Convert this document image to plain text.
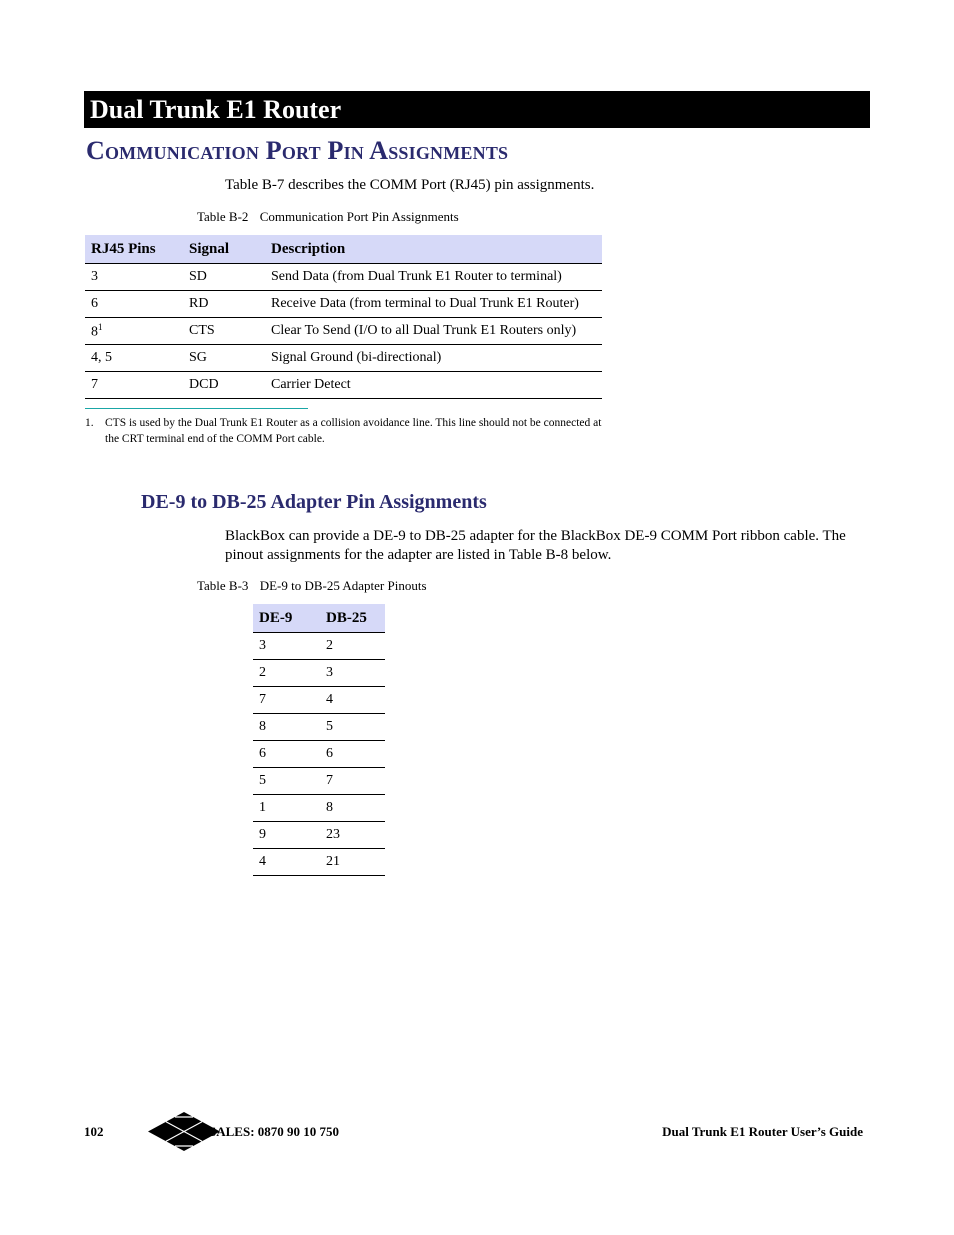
Dual Trunk E1 Router
Communication Port Pin Assignments
Table B-7 describes the COMM Port (RJ45) pin assignments.
Table B-2 Communication Port Pin Assignments
RJ45 Pins	Signal	Description
3	SD	Send Data (from Dual Trunk E1 Router to terminal)
6	RD	Receive Data (from terminal to Dual Trunk E1 Router)
$8^1$	CTS	Clear To Send (I/O to all Dual Trunk E1 Routers only)
4, 5	SG	Signal Ground (bi-directional)
7	DCD	Carrier Detect
1. CTS is used by the Dual Trunk E1 Router as a collision avoidance line. This line should not be connected at the CRT terminal end of the COMM Port cable.
DE-9 to DB-25 Adapter Pin Assignments
BlackBox can provide a DE-9 to DB-25 adapter for the BlackBox DE-9 COMM Port ribbon cable. The pinout assignments for the adapter are listed in Table B-8 below.
Table B-3 DE-9 to DB-25 Adapter Pinouts
DE-9	DB-25
3	2
2	3
7	4
8	5
6	6
5	7
1	8
9	23
4	21
102	SALES: 0870 90 10 750	Dual Trunk E1 Router User’s Guide
